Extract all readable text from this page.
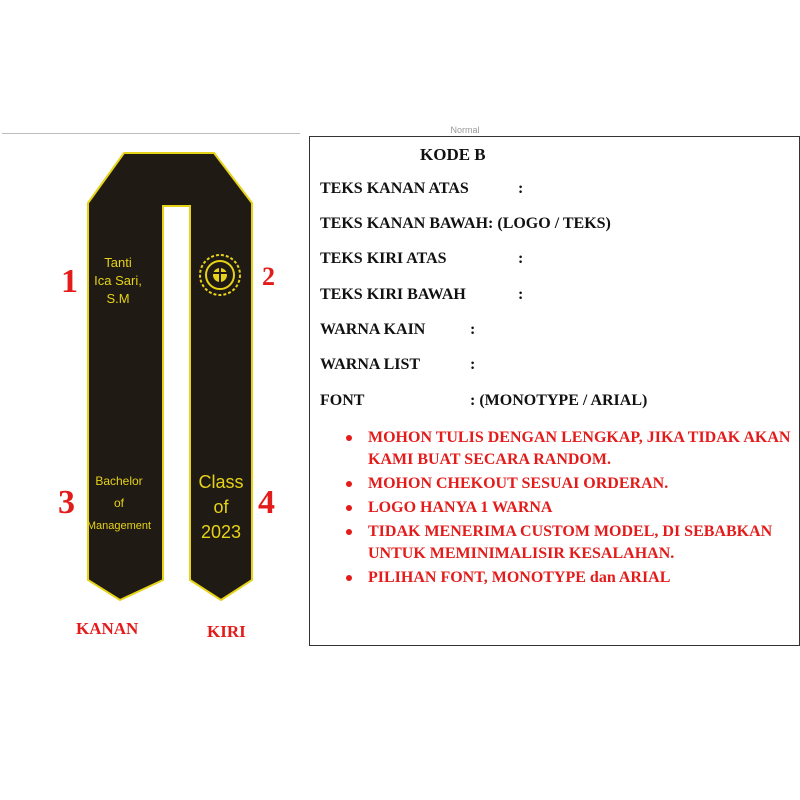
Normal
Tanti
Ica Sari,
S.M
Bachelor
of
Management
Class
of
2023
1	2
3	4
KANAN	KIRI
KODE B
TEKS KANAN ATAS	:
TEKS KANAN BAWAH: (LOGO / TEKS)
TEKS KIRI ATAS	:
TEKS KIRI BAWAH	:
WARNA KAIN	:
WARNA LIST	:
FONT	: (MONOTYPE / ARIAL)
MOHON TULIS DENGAN LENGKAP, JIKA TIDAK AKAN KAMI BUAT SECARA RANDOM.
MOHON CHEKOUT SESUAI ORDERAN.
LOGO HANYA 1 WARNA
TIDAK MENERIMA CUSTOM MODEL, DI SEBABKAN UNTUK MEMINIMALISIR KESALAHAN.
PILIHAN FONT, MONOTYPE dan ARIAL
